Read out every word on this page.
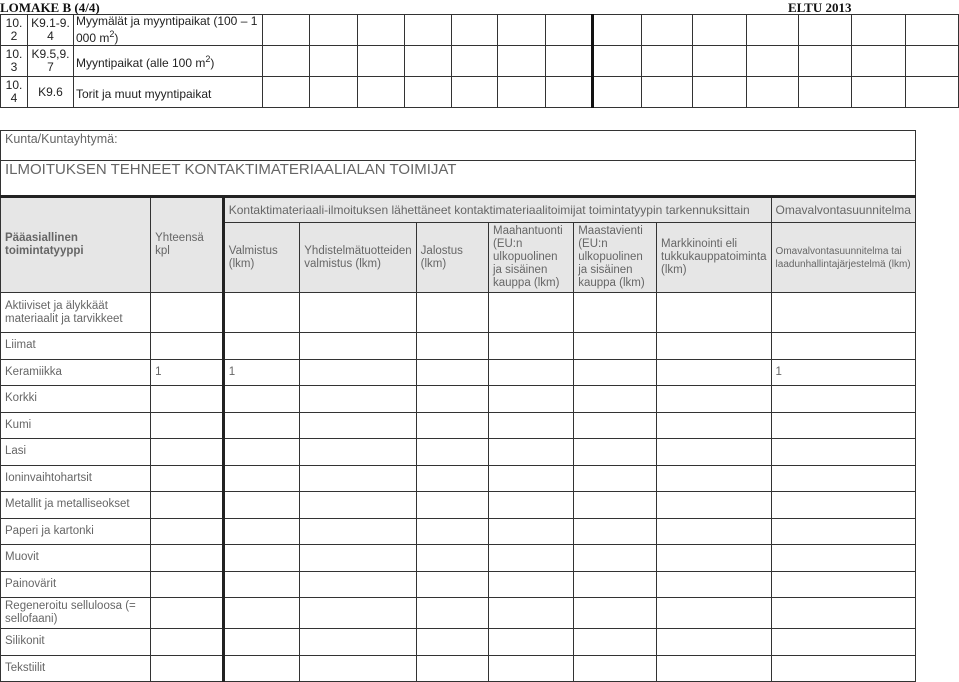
LOMAKE B (4/4)	ELTU 2013
10. 2	K9.1-9. 4	Myymälät ja myyntipaikat (100 – 1 000 $m^2$)														
10. 3	K9.5,9. 7	Myyntipaikat (alle 100 $m^2$)														
10. 4	K9.6	Torit ja muut myyntipaikat														
Kunta/Kuntayhtymä:								
ILMOITUKSEN TEHNEET KONTAKTIMATERIAALIALAN TOIMIJAT								
Pääasiallinen toimintatyyppi	Yhteensä kpl	Kontaktimateriaali-ilmoituksen lähettäneet kontaktimateriaalitoimijat toimintatyypin tarkennuksittain						Omavalvontasuunnitelma
		Valmistus (lkm)	Yhdistelmätuotteiden valmistus (lkm)	Jalostus (lkm)	Maahantuonti (EU:n ulkopuolinen ja sisäinen kauppa (lkm)	Maastavienti (EU:n ulkopuolinen ja sisäinen kauppa (lkm)	Markkinointi eli tukkukauppatoiminta (lkm)	Omavalvontasuunnitelma tai laadunhallintajärjestelmä (lkm)
Aktiiviset ja älykkäät materiaalit ja tarvikkeet								
Liimat								
Keramiikka	1	1						1
Korkki								
Kumi								
Lasi								
Ioninvaihtohartsit								
Metallit ja metalliseokset								
Paperi ja kartonki								
Muovit								
Painovärit								
Regeneroitu selluloosa (= sellofaani)								
Silikonit								
Tekstiilit								
